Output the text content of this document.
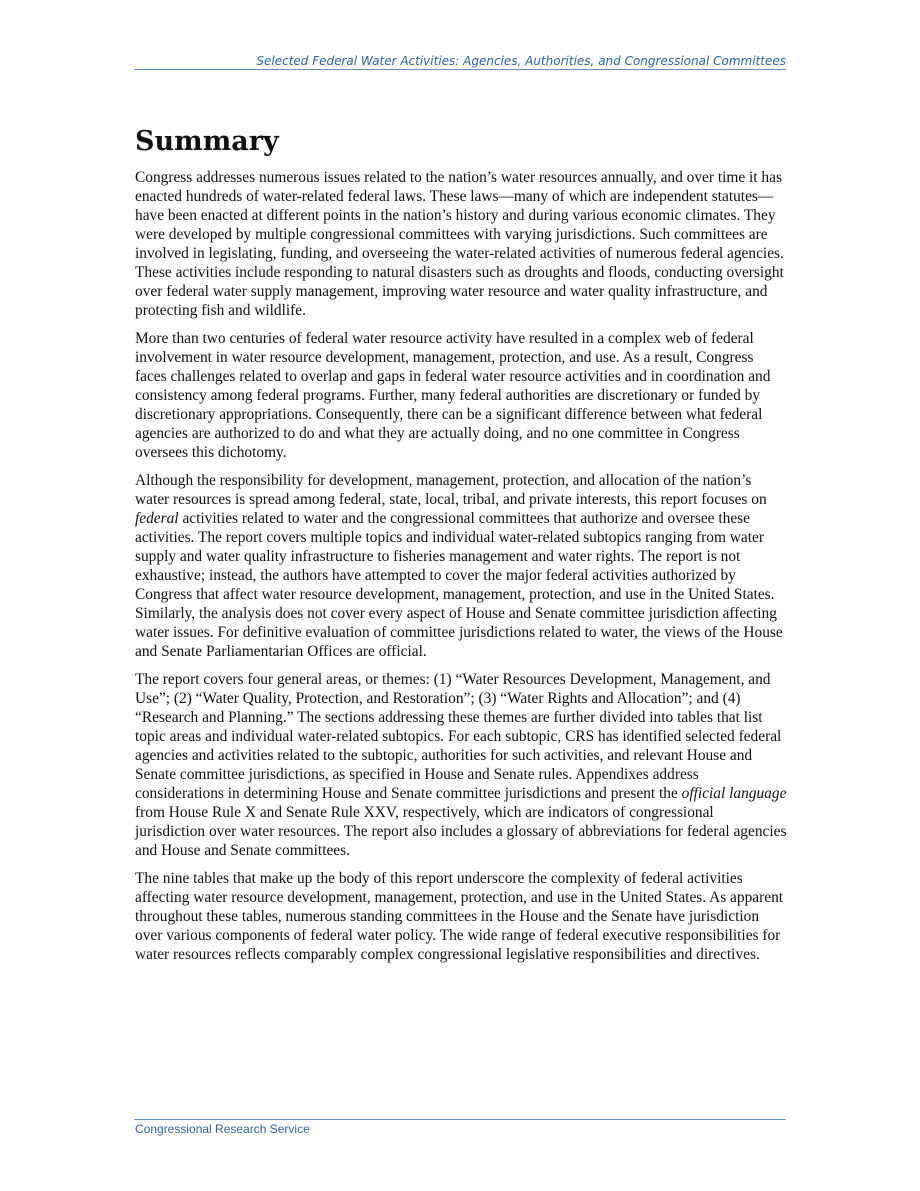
Selected Federal Water Activities: Agencies, Authorities, and Congressional Committees
Summary

Congress addresses numerous issues related to the nation’s water resources annually, and over time it has enacted hundreds of water-related federal laws. These laws—many of which are independent statutes—have been enacted at different points in the nation’s history and during various economic climates. They were developed by multiple congressional committees with varying jurisdictions. Such committees are involved in legislating, funding, and overseeing the water-related activities of numerous federal agencies. These activities include responding to natural disasters such as droughts and floods, conducting oversight over federal water supply management, improving water resource and water quality infrastructure, and protecting fish and wildlife.

More than two centuries of federal water resource activity have resulted in a complex web of federal involvement in water resource development, management, protection, and use. As a result, Congress faces challenges related to overlap and gaps in federal water resource activities and in coordination and consistency among federal programs. Further, many federal authorities are discretionary or funded by discretionary appropriations. Consequently, there can be a significant difference between what federal agencies are authorized to do and what they are actually doing, and no one committee in Congress oversees this dichotomy.

Although the responsibility for development, management, protection, and allocation of the nation’s water resources is spread among federal, state, local, tribal, and private interests, this report focuses on federal activities related to water and the congressional committees that authorize and oversee these activities. The report covers multiple topics and individual water-related subtopics ranging from water supply and water quality infrastructure to fisheries management and water rights. The report is not exhaustive; instead, the authors have attempted to cover the major federal activities authorized by Congress that affect water resource development, management, protection, and use in the United States. Similarly, the analysis does not cover every aspect of House and Senate committee jurisdiction affecting water issues. For definitive evaluation of committee jurisdictions related to water, the views of the House and Senate Parliamentarian Offices are official.

The report covers four general areas, or themes: (1) “Water Resources Development, Management, and Use”; (2) “Water Quality, Protection, and Restoration”; (3) “Water Rights and Allocation”; and (4) “Research and Planning.” The sections addressing these themes are further divided into tables that list topic areas and individual water-related subtopics. For each subtopic, CRS has identified selected federal agencies and activities related to the subtopic, authorities for such activities, and relevant House and Senate committee jurisdictions, as specified in House and Senate rules. Appendixes address considerations in determining House and Senate committee jurisdictions and present the official language from House Rule X and Senate Rule XXV, respectively, which are indicators of congressional jurisdiction over water resources. The report also includes a glossary of abbreviations for federal agencies and House and Senate committees.

The nine tables that make up the body of this report underscore the complexity of federal activities affecting water resource development, management, protection, and use in the United States. As apparent throughout these tables, numerous standing committees in the House and the Senate have jurisdiction over various components of federal water policy. The wide range of federal executive responsibilities for water resources reflects comparably complex congressional legislative responsibilities and directives.

Congressional Research Service
